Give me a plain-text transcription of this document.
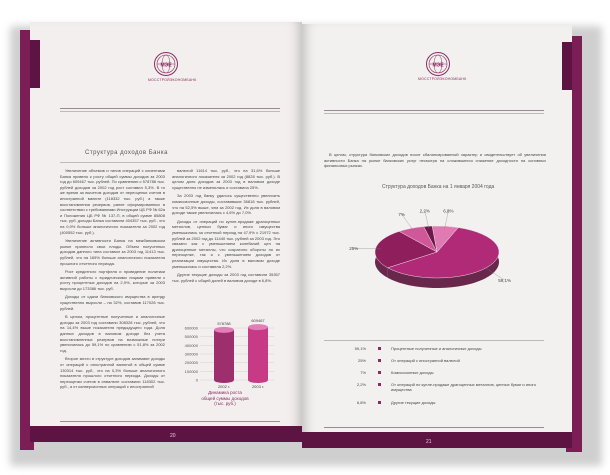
МЭЕ
МОССТРОЙЭКОНОМБАНК
Структура доходов Банка

Увеличение объемов и типов операций с клиентами Банка привело к росту общей суммы доходов за 2003 год до 609467 тыс. рублей. По сравнению с 578788 тыс. рублей доходов за 2002 год рост составил 5,3%. В то же время за вычетом доходов от переоценки счетов в иностранной валюте (118332 тыс. руб.) а также восстановления резервов, ранее сформированных в соответствии с требованиями Инструкции ЦБ РФ № 62а и Положения ЦБ РФ № 137-П, в общей сумме 85808 тыс. руб. доходы Банка составили 404357 тыс. руб., что на 0,9% больше аналогичного показателя за 2002 год (400552 тыс. руб.).

Увеличение активности Банка на межбанковском рынке принесло свои плоды. Объем полученных доходов данного типа составил за 2003 год 11413 тыс. рублей, что на 165% больше аналогичного показателя прошлого отчетного периода.

Рост кредитного портфеля и проведение политики активной работы с юридическими лицами привели к росту процентных доходов на 2,9%, которые за 2003 выросли до 173386 тыс. руб.

Доходы от сдачи банковского имущества в аренду существенно выросли – на 32%, составив 117028 тыс. рублей.

В целом, процентные полученные и аналогичные доходы за 2003 год составили 308328 тыс. рублей, что на 14,4% выше показателя предыдущего года. Доля данных доходов в валовом доходе без учета восстановленных резервов на возможные потери увеличилась до 59,1% по сравнению с 51,8% за 2002 год.

Второе место в структуре доходов занимают доходы от операций с иностранной валютой в общей сумме 130314 тыс. руб., что на 0,3% больше аналогичного показателя прошлого отчетного периода. Доходы от переоценки счетов в инвалюте составили 118302 тыс. руб., а от конверсионных операций с иностранной

валютой 11614 тыс. руб., что на 31,6% больше аналогичного показателя за 2002 год (8828 тыс. руб.). В целом доля доходов за 2003 год в валовом доходе существенно не изменилась и составила 25%.

За 2003 год банку удалось существенно увеличить комиссионные доходы, составившие 36818 тыс. рублей, что на 52,5% выше, чем за 2002 год. Их доля в валовом доходе также увеличилась с 4,6% до 7,0%.

Доходы от операций по купле-продаже драгоценных металлов, ценных бумаг и иного имущества уменьшились за отчетный период на 47,9% с 21972 тыс. рублей за 2002 год до 11440 тыс. рублей за 2003 год. Это связано как с уменьшением колебаний цен на драгоценные металлы, что сократило обороты по их переоценке, так и с уменьшением доходов от реализации имущества. Их доля в валовом доходе уменьшилась и составила 2,2%.

Другие текущие доходы за 2003 год составили 35357 тыс. рублей с общей долей в валовом доходе в 6,8%.

600000
500000
400000
300000
200000
100000
0
578788
2002 г.
609467
2003 г.
Динамика роста
общей суммы доходов
(тыс. руб.)
20
МЭЕ
МОССТРОЙЭКОНОМБАНК

В целом, структура банковских доходов носит сбалансированный характер и свидетельствует об увеличении активности Банка на рынке банковских услуг несмотря на сложившееся снижение доходности на основных финансовых рынках.

Структура доходов Банка на 1 января 2004 года
59,1%
25%
7%
2,2%	6,8%
59,1%	Процентные полученные и аналогичные доходы
25%	От операций с иностранной валютой
7%	Комиссионные доходы
2,2%	От операций по купле-продаже драгоценных металлов, ценных бумаг и иного имущества
6,8%	Другие текущие доходы
21
